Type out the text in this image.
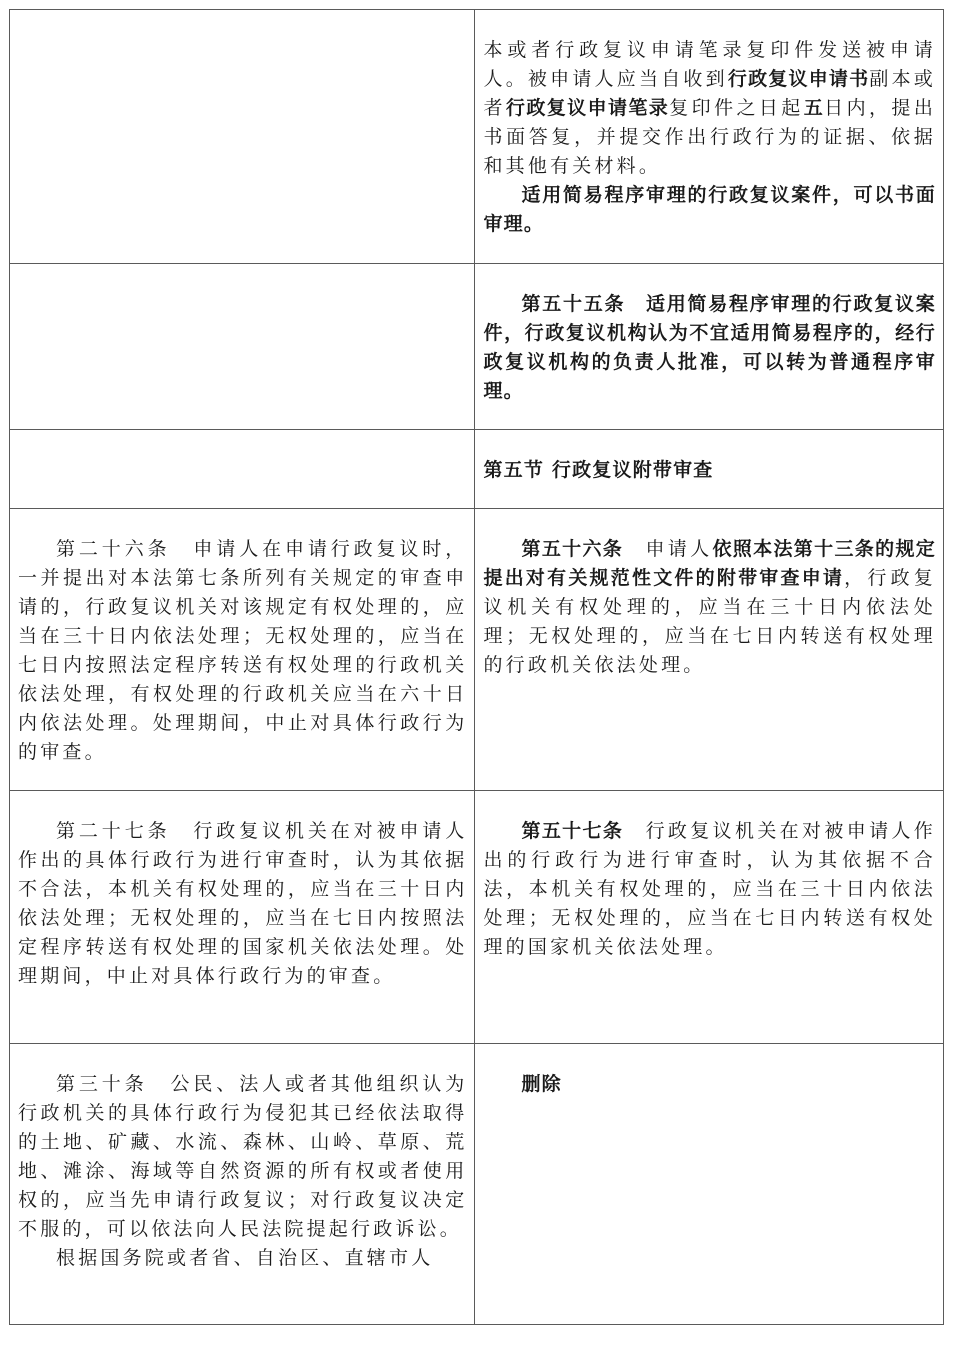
	本或者行政复议申请笔录复印件发送被申请人。被申请人应当自收到行政复议申请书副本或者行政复议申请笔录复印件之日起五日内，提出书面答复，并提交作出行政行为的证据、依据和其他有关材料。

适用简易程序审理的行政复议案件，可以书面审理。

	第五十五条　适用简易程序审理的行政复议案件，行政复议机构认为不宜适用简易程序的，经行政复议机构的负责人批准，可以转为普通程序审理。

	第五节 行政复议附带审查

第二十六条　申请人在申请行政复议时，一并提出对本法第七条所列有关规定的审查申请的，行政复议机关对该规定有权处理的，应当在三十日内依法处理；无权处理的，应当在七日内按照法定程序转送有权处理的行政机关依法处理，有权处理的行政机关应当在六十日内依法处理。处理期间，中止对具体行政行为的审查。	第五十六条　申请人依照本法第十三条的规定提出对有关规范性文件的附带审查申请，行政复议机关有权处理的，应当在三十日内依法处理；无权处理的，应当在七日内转送有权处理的行政机关依法处理。

第二十七条　行政复议机关在对被申请人作出的具体行政行为进行审查时，认为其依据不合法，本机关有权处理的，应当在三十日内依法处理；无权处理的，应当在七日内按照法定程序转送有权处理的国家机关依法处理。处理期间，中止对具体行政行为的审查。	第五十七条　行政复议机关在对被申请人作出的行政行为进行审查时，认为其依据不合法，本机关有权处理的，应当在三十日内依法处理；无权处理的，应当在七日内转送有权处理的国家机关依法处理。

第三十条　公民、法人或者其他组织认为行政机关的具体行政行为侵犯其已经依法取得的土地、矿藏、水流、森林、山岭、草原、荒地、滩涂、海域等自然资源的所有权或者使用权的，应当先申请行政复议；对行政复议决定不服的，可以依法向人民法院提起行政诉讼。

根据国务院或者省、自治区、直辖市人	删除
